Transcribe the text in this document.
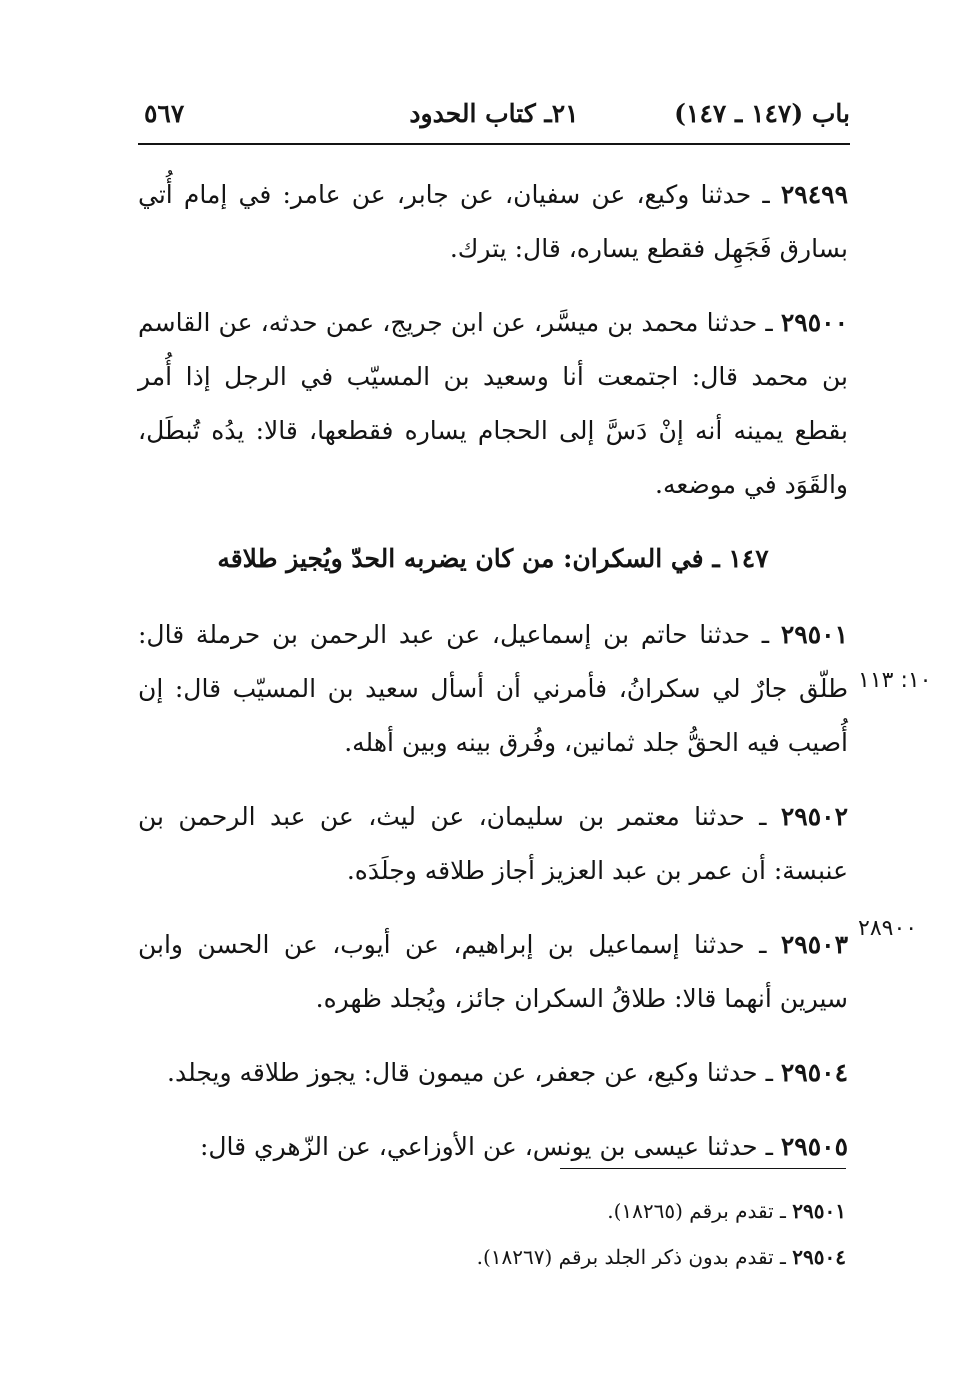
باب (١٤٧ ـ ١٤٧)
٢١ـ كتاب الحدود
٥٦٧

٢٩٤٩٩ ـ حدثنا وكيع، عن سفيان، عن جابر، عن عامر: في إمام أُتي بسارق فَجَهِل فقطع يساره، قال: يترك.

٢٩٥٠٠ ـ حدثنا محمد بن ميسَّر، عن ابن جريج، عمن حدثه، عن القاسم بن محمد قال: اجتمعت أنا وسعيد بن المسيّب في الرجل إذا أُمر بقطع يمينه أنه إنْ دَسَّ إلى الحجام يساره فقطعها، قالا: يدُه تُبطَل، والقَوَد في موضعه.

١٤٧ ـ في السكران: من كان يضربه الحدّ ويُجيز طلاقه

٢٩٥٠١ ـ حدثنا حاتم بن إسماعيل، عن عبد الرحمن بن حرملة قال: طلّق جارٌ لي سكرانُ، فأمرني أن أسأل سعيد بن المسيّب قال: إن أُصيب فيه الحقُّ جلد ثمانين، وفُرق بينه وبين أهله.

٢٩٥٠٢ ـ حدثنا معتمر بن سليمان، عن ليث، عن عبد الرحمن بن عنبسة: أن عمر بن عبد العزيز أجاز طلاقه وجلَدَه.

٢٩٥٠٣ ـ حدثنا إسماعيل بن إبراهيم، عن أيوب، عن الحسن وابن سيرين أنهما قالا: طلاقُ السكران جائز، ويُجلد ظهره.

٢٩٥٠٤ ـ حدثنا وكيع، عن جعفر، عن ميمون قال: يجوز طلاقه ويجلد.

٢٩٥٠٥ ـ حدثنا عيسى بن يونس، عن الأوزاعي، عن الزّهري قال:

١٠: ١١٣
٢٨٩٠٠

٢٩٥٠١ ـ تقدم برقم (١٨٢٦٥).

٢٩٥٠٤ ـ تقدم بدون ذكر الجلد برقم (١٨٢٦٧).
